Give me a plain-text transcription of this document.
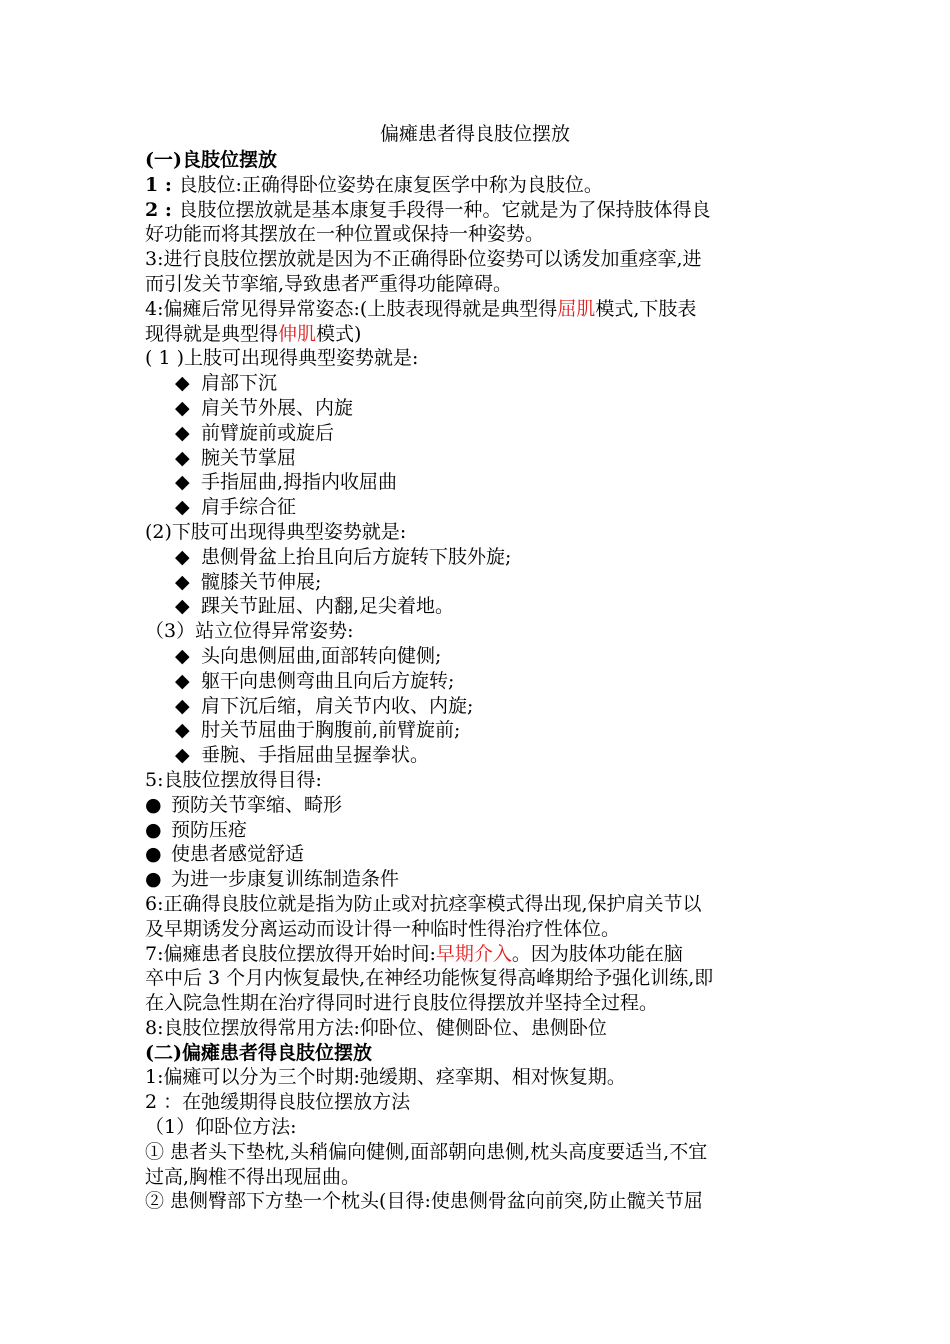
偏瘫患者得良肢位摆放
(一)良肢位摆放
1 : 良肢位:正确得卧位姿势在康复医学中称为良肢位。
2 : 良肢位摆放就是基本康复手段得一种。它就是为了保持肢体得良
好功能而将其摆放在一种位置或保持一种姿势。
3:进行良肢位摆放就是因为不正确得卧位姿势可以诱发加重痉挛,进
而引发关节挛缩,导致患者严重得功能障碍。
4:偏瘫后常见得异常姿态:(上肢表现得就是典型得屈肌模式,下肢表
现得就是典型得伸肌模式)
( 1 )上肢可出现得典型姿势就是:
◆ 肩部下沉
◆ 肩关节外展、内旋
◆ 前臂旋前或旋后
◆ 腕关节掌屈
◆ 手指屈曲,拇指内收屈曲
◆ 肩手综合征
(2)下肢可出现得典型姿势就是:
◆ 患侧骨盆上抬且向后方旋转下肢外旋;
◆ 髋膝关节伸展;
◆ 踝关节趾屈、内翻,足尖着地。
（3）站立位得异常姿势:
◆ 头向患侧屈曲,面部转向健侧;
◆ 躯干向患侧弯曲且向后方旋转;
◆ 肩下沉后缩，肩关节内收、内旋;
◆ 肘关节屈曲于胸腹前,前臂旋前;
◆ 垂腕、手指屈曲呈握拳状。
5:良肢位摆放得目得:
● 预防关节挛缩、畸形
● 预防压疮
● 使患者感觉舒适
● 为进一步康复训练制造条件
6:正确得良肢位就是指为防止或对抗痉挛模式得出现,保护肩关节以
及早期诱发分离运动而设计得一种临时性得治疗性体位。
7:偏瘫患者良肢位摆放得开始时间:早期介入。因为肢体功能在脑
卒中后 3 个月内恢复最快,在神经功能恢复得高峰期给予强化训练,即
在入院急性期在治疗得同时进行良肢位得摆放并坚持全过程。
8:良肢位摆放得常用方法:仰卧位、健侧卧位、患侧卧位
(二)偏瘫患者得良肢位摆放
1:偏瘫可以分为三个时期:弛缓期、痉挛期、相对恢复期。
2 ：在弛缓期得良肢位摆放方法
（1）仰卧位方法:
① 患者头下垫枕,头稍偏向健侧,面部朝向患侧,枕头高度要适当,不宜
过高,胸椎不得出现屈曲。
② 患侧臀部下方垫一个枕头(目得:使患侧骨盆向前突,防止髋关节屈
